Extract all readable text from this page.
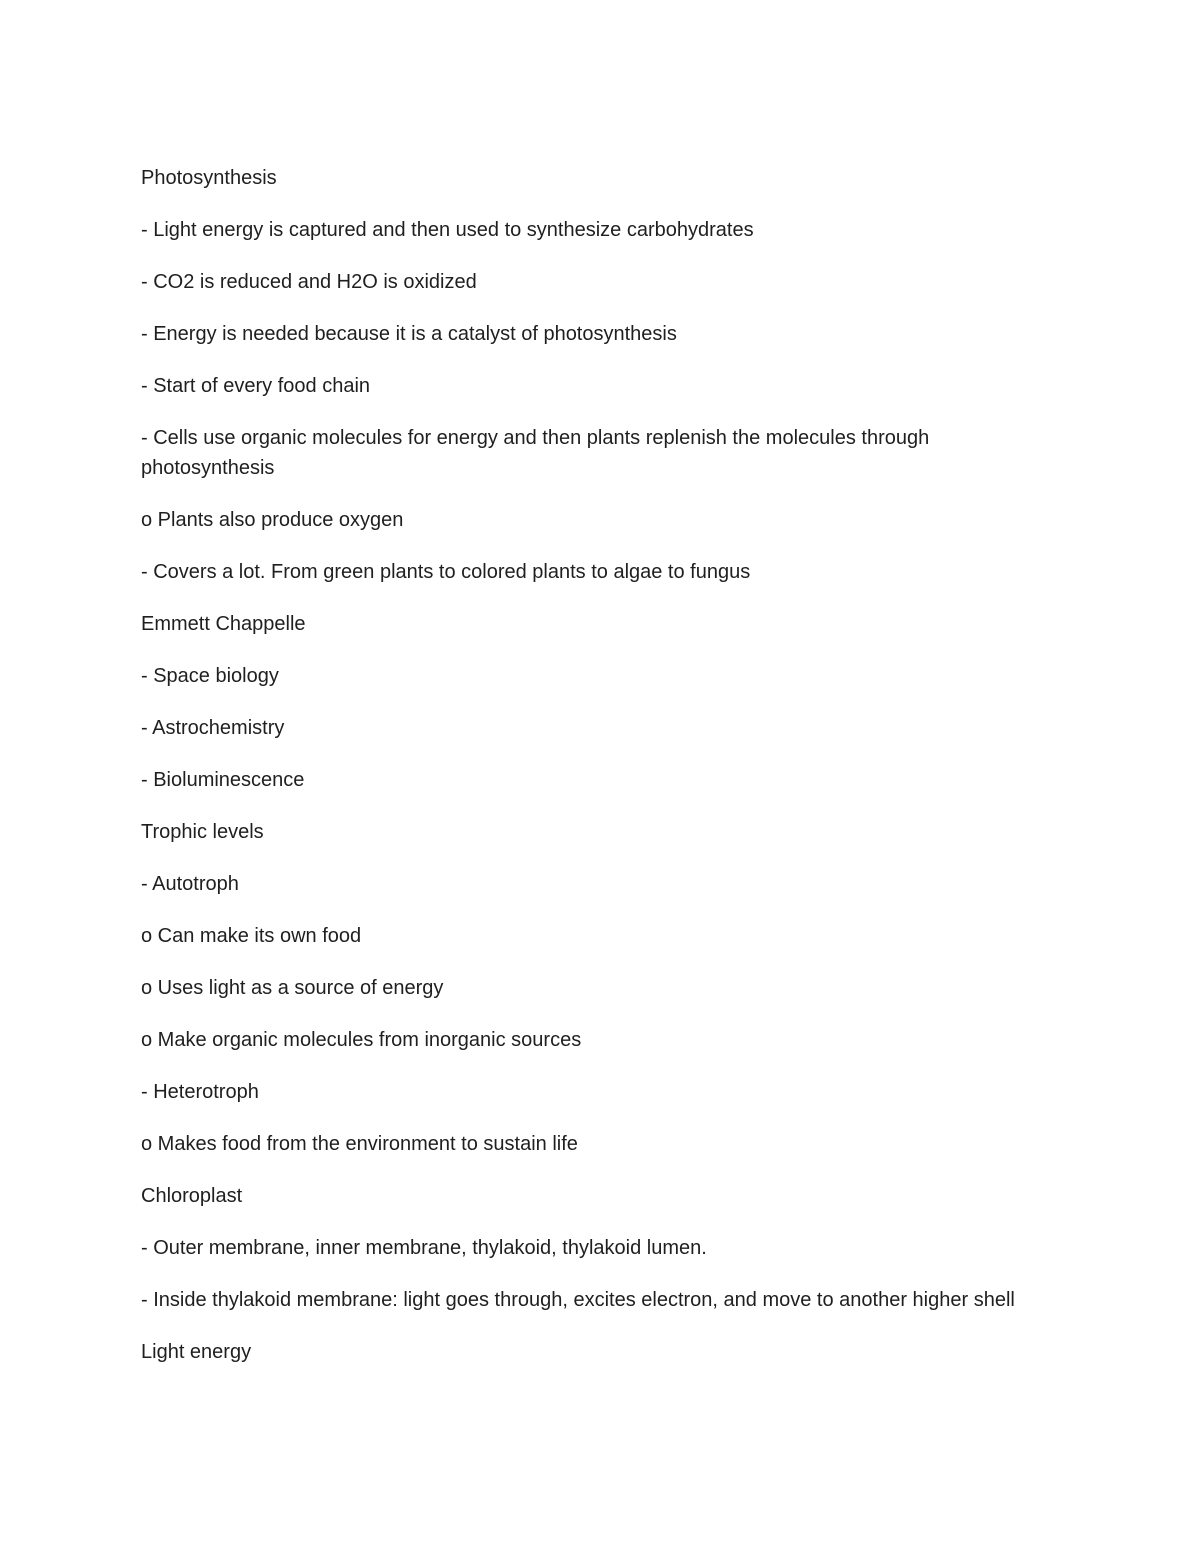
Photosynthesis
- Light energy is captured and then used to synthesize carbohydrates
- CO2 is reduced and H2O is oxidized
- Energy is needed because it is a catalyst of photosynthesis
- Start of every food chain
- Cells use organic molecules for energy and then plants replenish the molecules through photosynthesis
o Plants also produce oxygen
- Covers a lot. From green plants to colored plants to algae to fungus
Emmett Chappelle
- Space biology
- Astrochemistry
- Bioluminescence
Trophic levels
- Autotroph
o Can make its own food
o Uses light as a source of energy
o Make organic molecules from inorganic sources
- Heterotroph
o Makes food from the environment to sustain life
Chloroplast
- Outer membrane, inner membrane, thylakoid, thylakoid lumen.
- Inside thylakoid membrane: light goes through, excites electron, and move to another higher shell
Light energy
